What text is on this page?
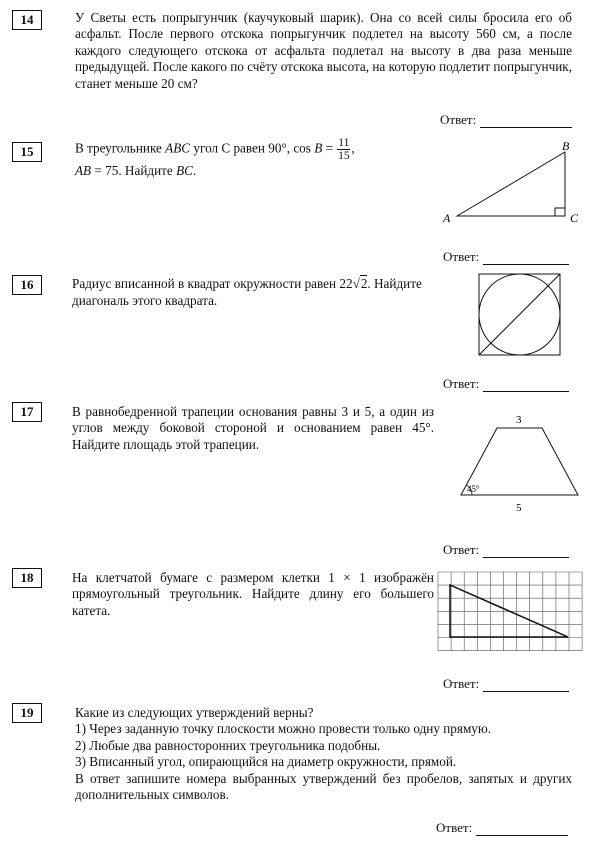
14	У Светы есть попрыгунчик (каучуковый шарик). Она со всей силы бросила его об асфальт. После первого отскока попрыгунчик подлетел на высоту 560 см, а после каждого следующего отскока от асфальта подлетал на высоту в два раза меньше предыдущей. После какого по счёту отскока высота, на которую подлетит попрыгунчик, станет меньше 20 см?
Ответ:
15	В треугольнике ABC угол C равен 90°, $\cos B = \frac{11}{15}$ ,
AB = 75. Найдите BC.
A
B
C
Ответ:
16	Радиус вписанной в квадрат окружности равен 22√2. Найдите диагональ этого квадрата.
Ответ:
17	В равнобедренной трапеции основания равны 3 и 5, а один из углов между боковой стороной и основанием равен 45°. Найдите площадь этой трапеции.
3
5
45°
Ответ:
18	На клетчатой бумаге с размером клетки 1 × 1 изображён прямоугольный треугольник. Найдите длину его большего катета.
Ответ:
19	Какие из следующих утверждений верны?

1) Через заданную точку плоскости можно провести только одну прямую.

2) Любые два равносторонних треугольника подобны.

3) Вписанный угол, опирающийся на диаметр окружности, прямой.

В ответ запишите номера выбранных утверждений без пробелов, запятых и других дополнительных символов.

Ответ:
